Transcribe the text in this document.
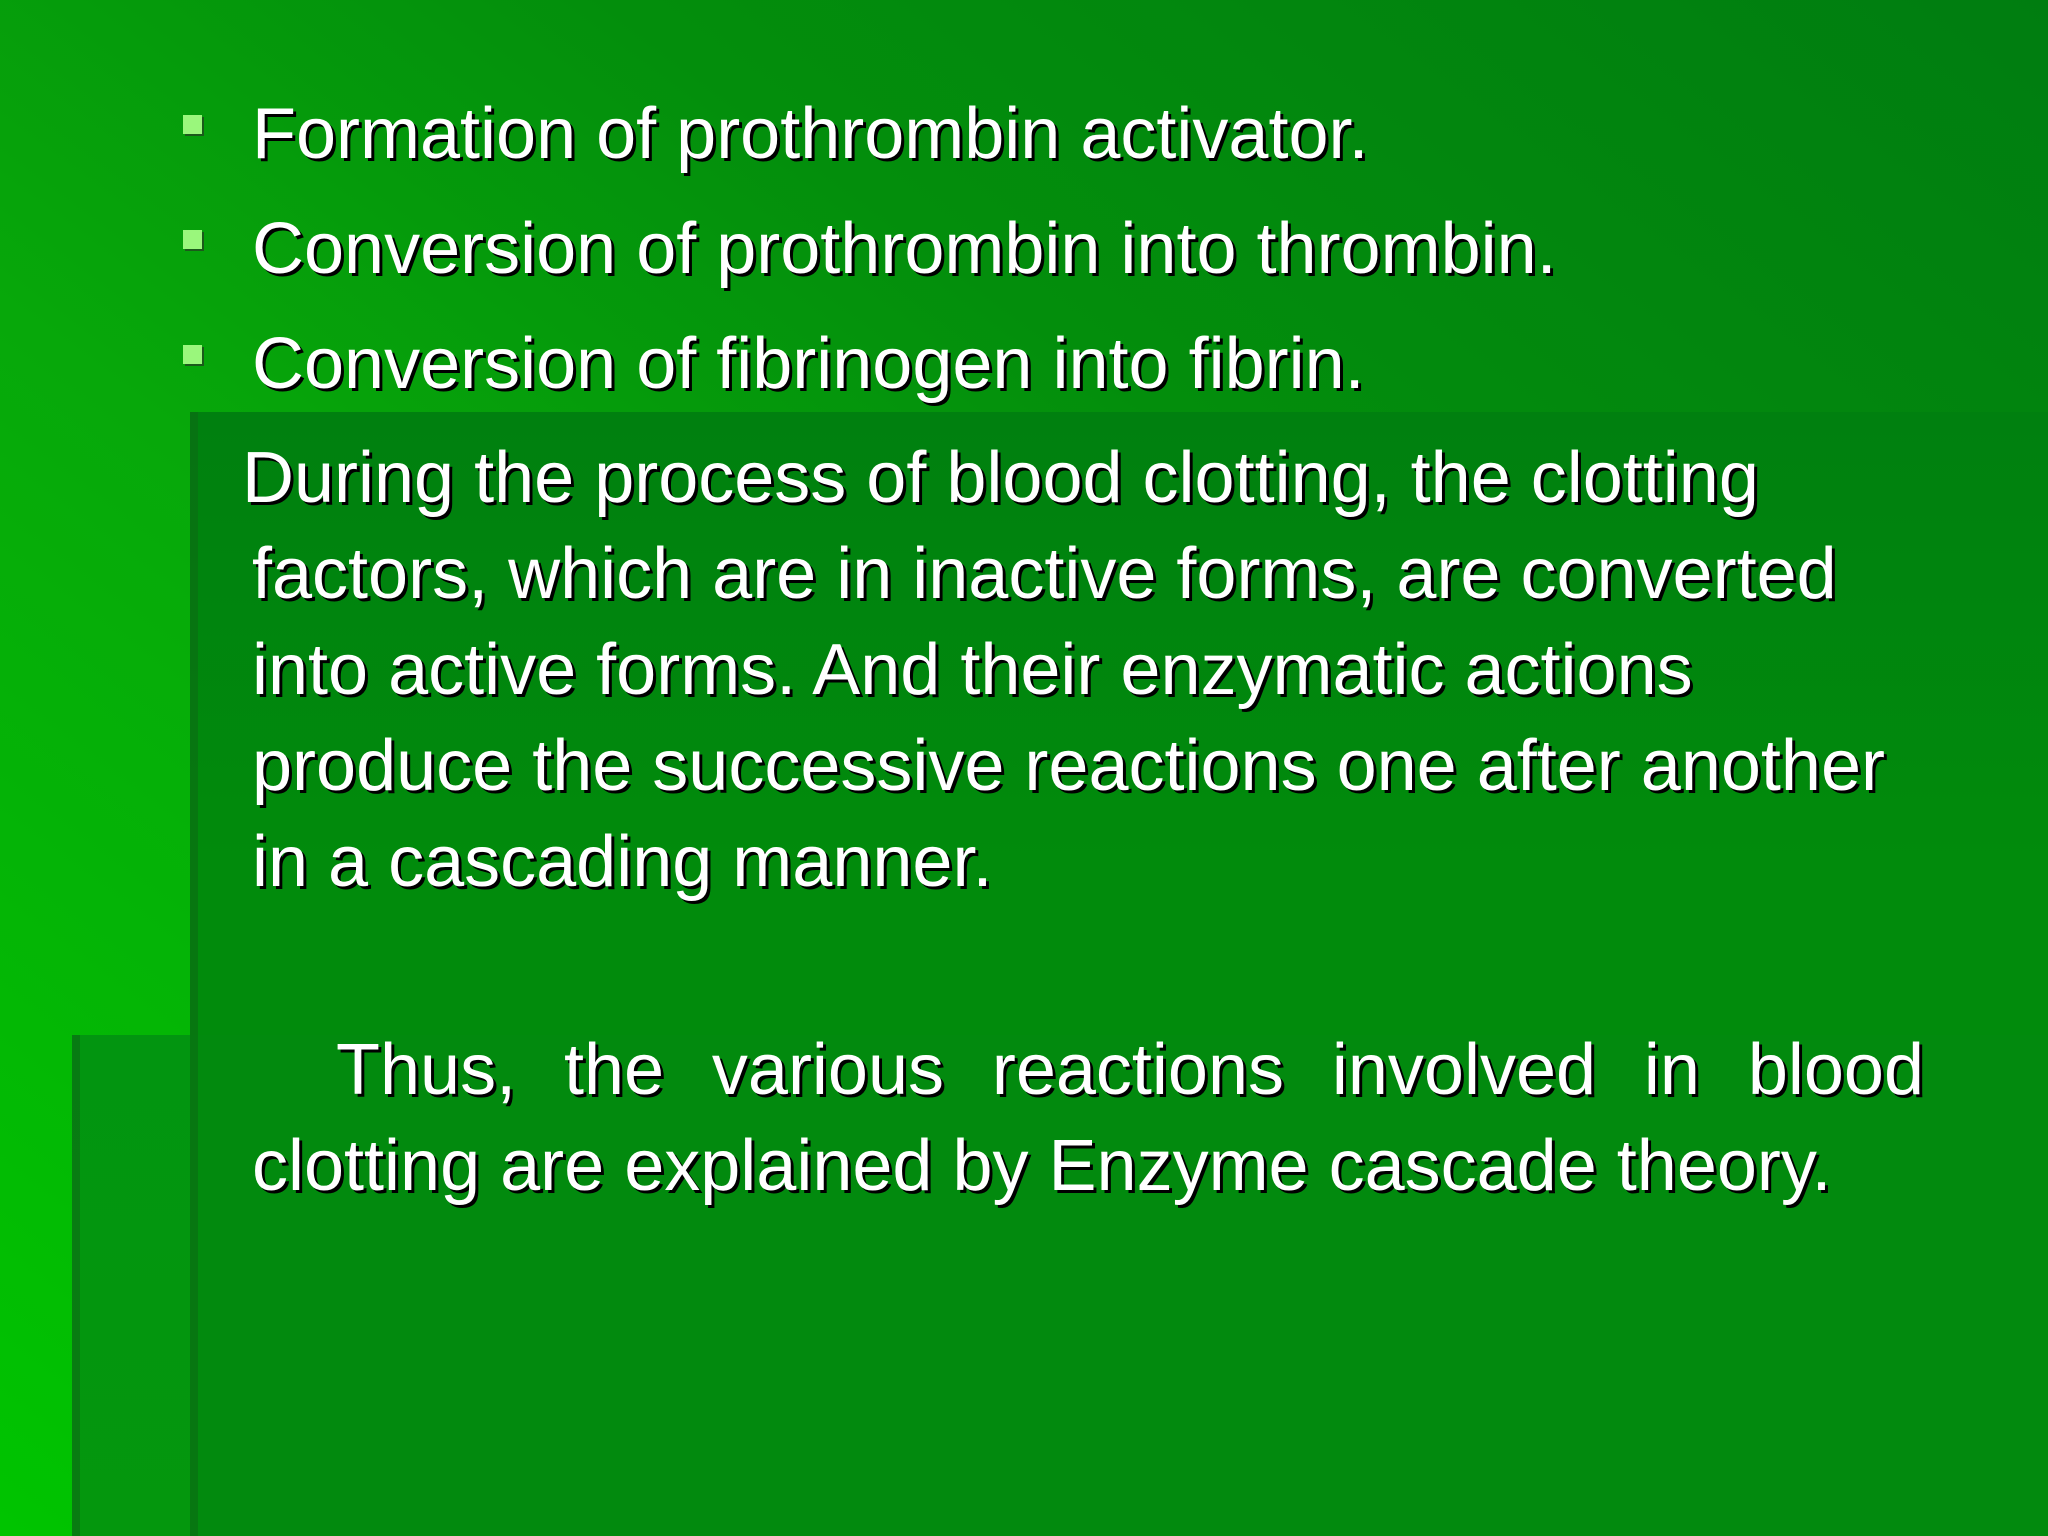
Formation of prothrombin activator.
Conversion of prothrombin into thrombin.
Conversion of fibrinogen into fibrin.

During the process of blood clotting, the clotting
factors, which are in inactive forms, are converted into active forms. And their enzymatic actions produce the successive reactions one after another in a cascading manner.

Thus, the various reactions involved in blood clotting are explained by Enzyme cascade theory.
